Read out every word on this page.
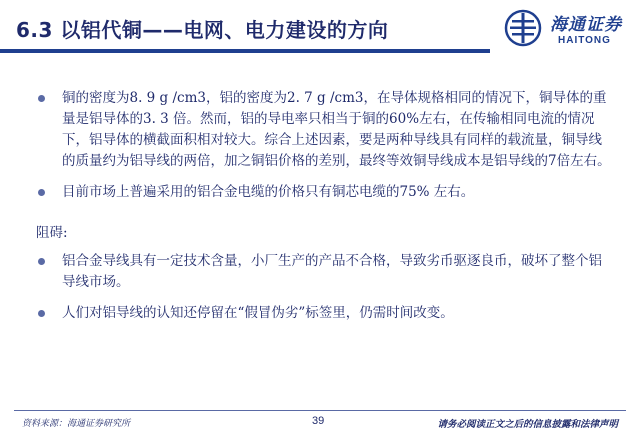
6.3 以铝代铜——电网、电力建设的方向	海通证券
HAITONG
铜的密度为8. 9 g /cm3，铝的密度为2. 7 g /cm3，在导体规格相同的情况下，铜导体的重量是铝导体的3. 3 倍。然而，铝的导电率只相当于铜的60%左右，在传输相同电流的情况下，铝导体的横截面积相对较大。综合上述因素，要是两种导线具有同样的载流量，铜导线的质量约为铝导线的两倍，加之铜铝价格的差别，最终等效铜导线成本是铝导线的7倍左右。
目前市场上普遍采用的铝合金电缆的价格只有铜芯电缆的75% 左右。
阻碍:
铝合金导线具有一定技术含量，小厂生产的产品不合格，导致劣币驱逐良币，破坏了整个铝导线市场。
人们对铝导线的认知还停留在“假冒伪劣”标签里，仍需时间改变。
资料来源：海通证券研究所	39	请务必阅读正文之后的信息披露和法律声明
